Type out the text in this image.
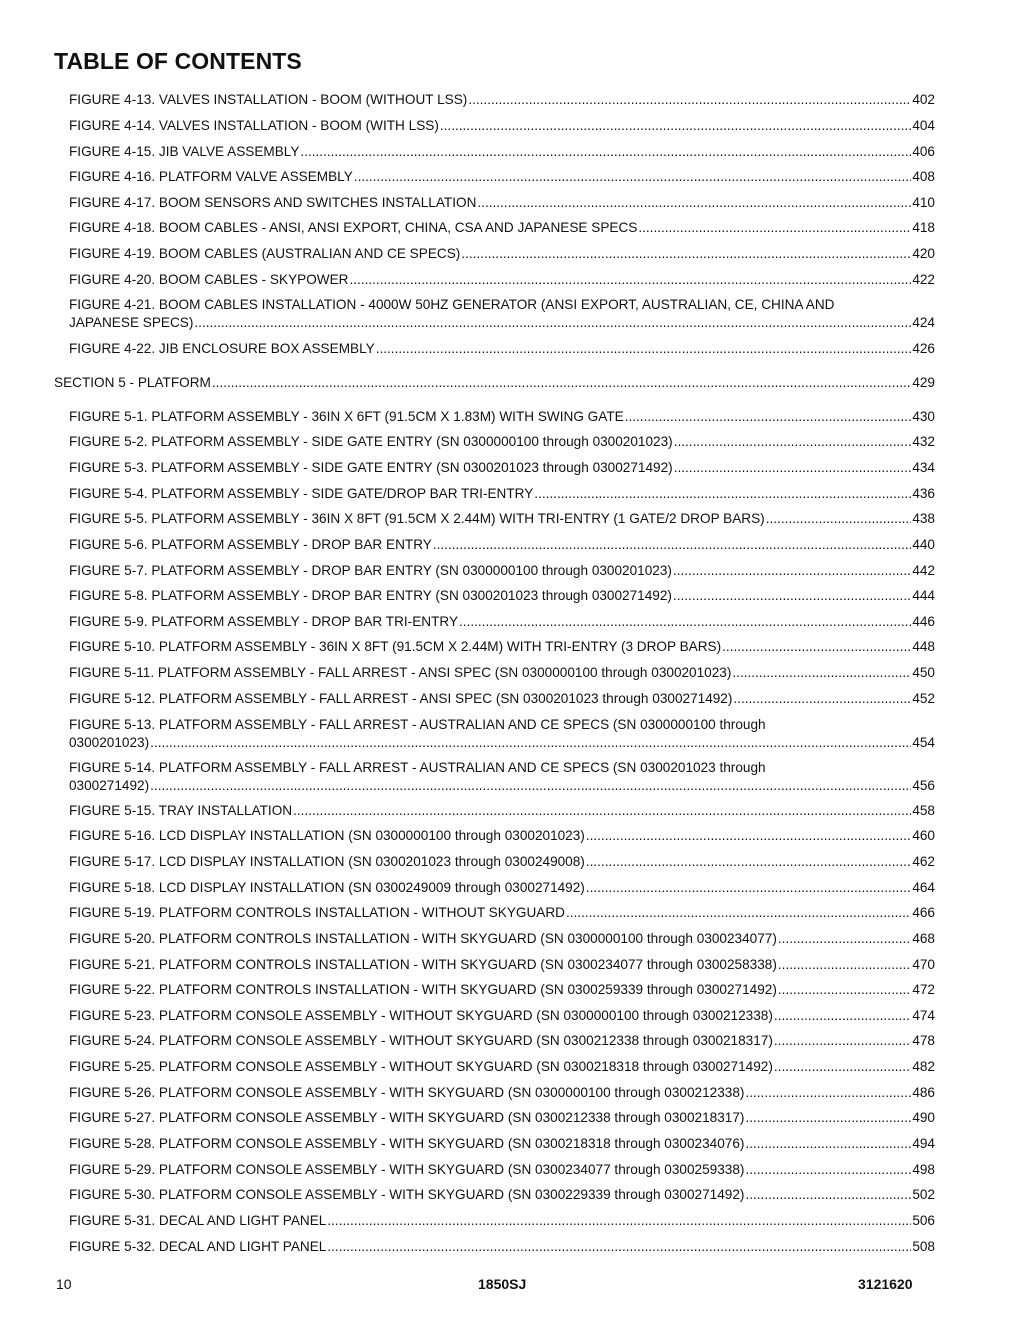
TABLE OF CONTENTS
FIGURE 4-13. VALVES INSTALLATION - BOOM (WITHOUT LSS) .....	402
FIGURE 4-14. VALVES INSTALLATION - BOOM (WITH LSS) .....	404
FIGURE 4-15. JIB VALVE ASSEMBLY .....	406
FIGURE 4-16. PLATFORM VALVE ASSEMBLY .....	408
FIGURE 4-17. BOOM SENSORS AND SWITCHES INSTALLATION .....	410
FIGURE 4-18. BOOM CABLES - ANSI, ANSI EXPORT, CHINA, CSA AND JAPANESE SPECS .....	418
FIGURE 4-19. BOOM CABLES (AUSTRALIAN AND CE SPECS) .....	420
FIGURE 4-20. BOOM CABLES - SKYPOWER .....	422
FIGURE 4-21. BOOM CABLES INSTALLATION - 4000W 50HZ GENERATOR (ANSI EXPORT, AUSTRALIAN, CE, CHINA AND
JAPANESE SPECS) .....	424
FIGURE 4-22. JIB ENCLOSURE BOX ASSEMBLY .....	426
SECTION 5 - PLATFORM .....	429
FIGURE 5-1. PLATFORM ASSEMBLY - 36IN X 6FT (91.5CM X 1.83M) WITH SWING GATE .....	430
FIGURE 5-2. PLATFORM ASSEMBLY - SIDE GATE ENTRY (SN 0300000100 through 0300201023) .....	432
FIGURE 5-3. PLATFORM ASSEMBLY - SIDE GATE ENTRY (SN 0300201023 through 0300271492) .....	434
FIGURE 5-4. PLATFORM ASSEMBLY - SIDE GATE/DROP BAR TRI-ENTRY .....	436
FIGURE 5-5. PLATFORM ASSEMBLY - 36IN X 8FT (91.5CM X 2.44M) WITH TRI-ENTRY (1 GATE/2 DROP BARS) .....	438
FIGURE 5-6. PLATFORM ASSEMBLY - DROP BAR ENTRY .....	440
FIGURE 5-7. PLATFORM ASSEMBLY - DROP BAR ENTRY (SN 0300000100 through 0300201023) .....	442
FIGURE 5-8. PLATFORM ASSEMBLY - DROP BAR ENTRY (SN 0300201023 through 0300271492) .....	444
FIGURE 5-9. PLATFORM ASSEMBLY - DROP BAR TRI-ENTRY .....	446
FIGURE 5-10. PLATFORM ASSEMBLY - 36IN X 8FT (91.5CM X 2.44M) WITH TRI-ENTRY (3 DROP BARS) .....	448
FIGURE 5-11. PLATFORM ASSEMBLY - FALL ARREST - ANSI SPEC (SN 0300000100 through 0300201023) .....	450
FIGURE 5-12. PLATFORM ASSEMBLY - FALL ARREST - ANSI SPEC (SN 0300201023 through 0300271492) .....	452
FIGURE 5-13. PLATFORM ASSEMBLY - FALL ARREST - AUSTRALIAN AND CE SPECS (SN 0300000100 through
0300201023) .....	454
FIGURE 5-14. PLATFORM ASSEMBLY - FALL ARREST - AUSTRALIAN AND CE SPECS (SN 0300201023 through
0300271492) .....	456
FIGURE 5-15. TRAY INSTALLATION .....	458
FIGURE 5-16. LCD DISPLAY INSTALLATION (SN 0300000100 through 0300201023) .....	460
FIGURE 5-17. LCD DISPLAY INSTALLATION (SN 0300201023 through 0300249008) .....	462
FIGURE 5-18. LCD DISPLAY INSTALLATION (SN 0300249009 through 0300271492) .....	464
FIGURE 5-19. PLATFORM CONTROLS INSTALLATION - WITHOUT SKYGUARD .....	466
FIGURE 5-20. PLATFORM CONTROLS INSTALLATION - WITH SKYGUARD (SN 0300000100 through 0300234077) .....	468
FIGURE 5-21. PLATFORM CONTROLS INSTALLATION - WITH SKYGUARD (SN 0300234077 through 0300258338) .....	470
FIGURE 5-22. PLATFORM CONTROLS INSTALLATION - WITH SKYGUARD (SN 0300259339 through 0300271492) .....	472
FIGURE 5-23. PLATFORM CONSOLE ASSEMBLY - WITHOUT SKYGUARD (SN 0300000100 through 0300212338) .....	474
FIGURE 5-24. PLATFORM CONSOLE ASSEMBLY - WITHOUT SKYGUARD (SN 0300212338 through 0300218317) .....	478
FIGURE 5-25. PLATFORM CONSOLE ASSEMBLY - WITHOUT SKYGUARD (SN 0300218318 through 0300271492) .....	482
FIGURE 5-26. PLATFORM CONSOLE ASSEMBLY - WITH SKYGUARD (SN 0300000100 through 0300212338) .....	486
FIGURE 5-27. PLATFORM CONSOLE ASSEMBLY - WITH SKYGUARD (SN 0300212338 through 0300218317) .....	490
FIGURE 5-28. PLATFORM CONSOLE ASSEMBLY - WITH SKYGUARD (SN 0300218318 through 0300234076) .....	494
FIGURE 5-29. PLATFORM CONSOLE ASSEMBLY - WITH SKYGUARD (SN 0300234077 through 0300259338) .....	498
FIGURE 5-30. PLATFORM CONSOLE ASSEMBLY - WITH SKYGUARD (SN 0300229339 through 0300271492) .....	502
FIGURE 5-31. DECAL AND LIGHT PANEL .....	506
FIGURE 5-32. DECAL AND LIGHT PANEL .....	508
10	1850SJ	3121620
